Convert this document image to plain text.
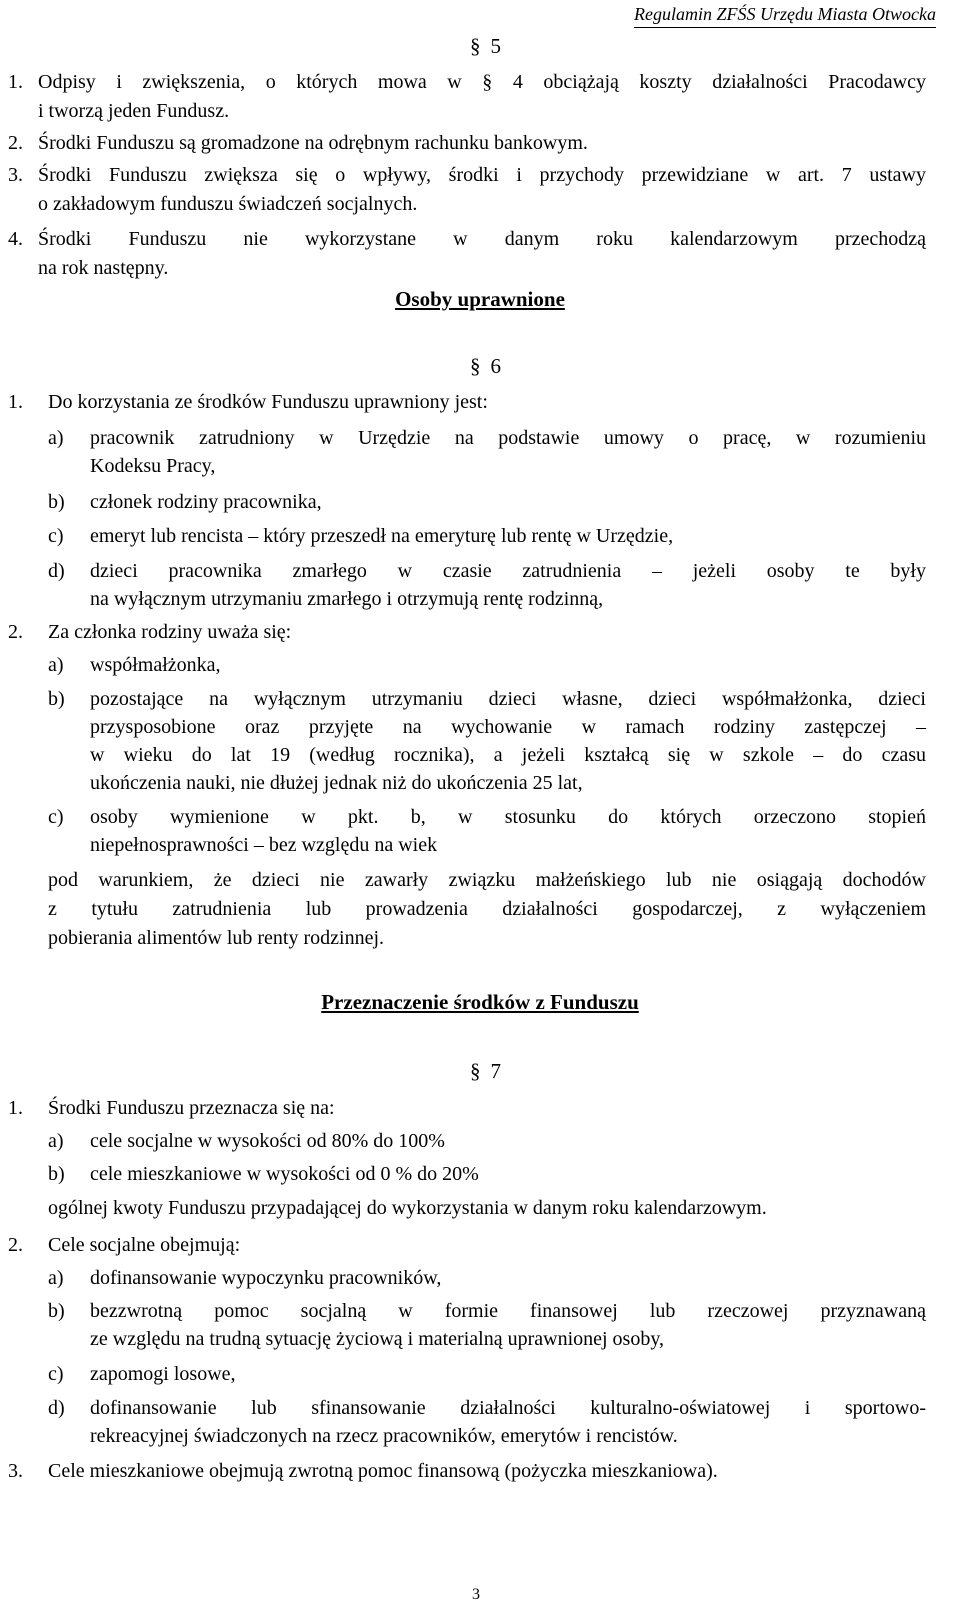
Regulamin ZFŚS Urzędu Miasta Otwocka
§ 5
1. Odpisy i zwiększenia, o których mowa w § 4 obciążają koszty działalności Pracodawcy
i tworzą jeden Fundusz.
2. Środki Funduszu są gromadzone na odrębnym rachunku bankowym.
3. Środki Funduszu zwiększa się o wpływy, środki i przychody przewidziane w art. 7 ustawy
o zakładowym funduszu świadczeń socjalnych.
4. Środki Funduszu nie wykorzystane w danym roku kalendarzowym przechodzą
na rok następny.
Osoby uprawnione
§ 6
1. Do korzystania ze środków Funduszu uprawniony jest:
a) pracownik zatrudniony w Urzędzie na podstawie umowy o pracę, w rozumieniu
Kodeksu Pracy,
b) członek rodziny pracownika,
c) emeryt lub rencista – który przeszedł na emeryturę lub rentę w Urzędzie,
d) dzieci pracownika zmarłego w czasie zatrudnienia – jeżeli osoby te były
na wyłącznym utrzymaniu zmarłego i otrzymują rentę rodzinną,
2. Za członka rodziny uważa się:
a) współmałżonka,
b) pozostające na wyłącznym utrzymaniu dzieci własne, dzieci współmałżonka, dzieci
przysposobione oraz przyjęte na wychowanie w ramach rodziny zastępczej –
w wieku do lat 19 (według rocznika), a jeżeli kształcą się w szkole – do czasu
ukończenia nauki, nie dłużej jednak niż do ukończenia 25 lat,
c) osoby wymienione w pkt. b, w stosunku do których orzeczono stopień
niepełnosprawności – bez względu na wiek
pod warunkiem, że dzieci nie zawarły związku małżeńskiego lub nie osiągają dochodów
z tytułu zatrudnienia lub prowadzenia działalności gospodarczej, z wyłączeniem
pobierania alimentów lub renty rodzinnej.
Przeznaczenie środków z Funduszu
§ 7
1. Środki Funduszu przeznacza się na:
a) cele socjalne w wysokości od 80% do 100%
b) cele mieszkaniowe w wysokości od 0 % do 20%
ogólnej kwoty Funduszu przypadającej do wykorzystania w danym roku kalendarzowym.
2. Cele socjalne obejmują:
a) dofinansowanie wypoczynku pracowników,
b) bezzwrotną pomoc socjalną w formie finansowej lub rzeczowej przyznawaną
ze względu na trudną sytuację życiową i materialną uprawnionej osoby,
c) zapomogi losowe,
d) dofinansowanie lub sfinansowanie działalności kulturalno-oświatowej i sportowo-
rekreacyjnej świadczonych na rzecz pracowników, emerytów i rencistów.
3. Cele mieszkaniowe obejmują zwrotną pomoc finansową (pożyczka mieszkaniowa).
3
